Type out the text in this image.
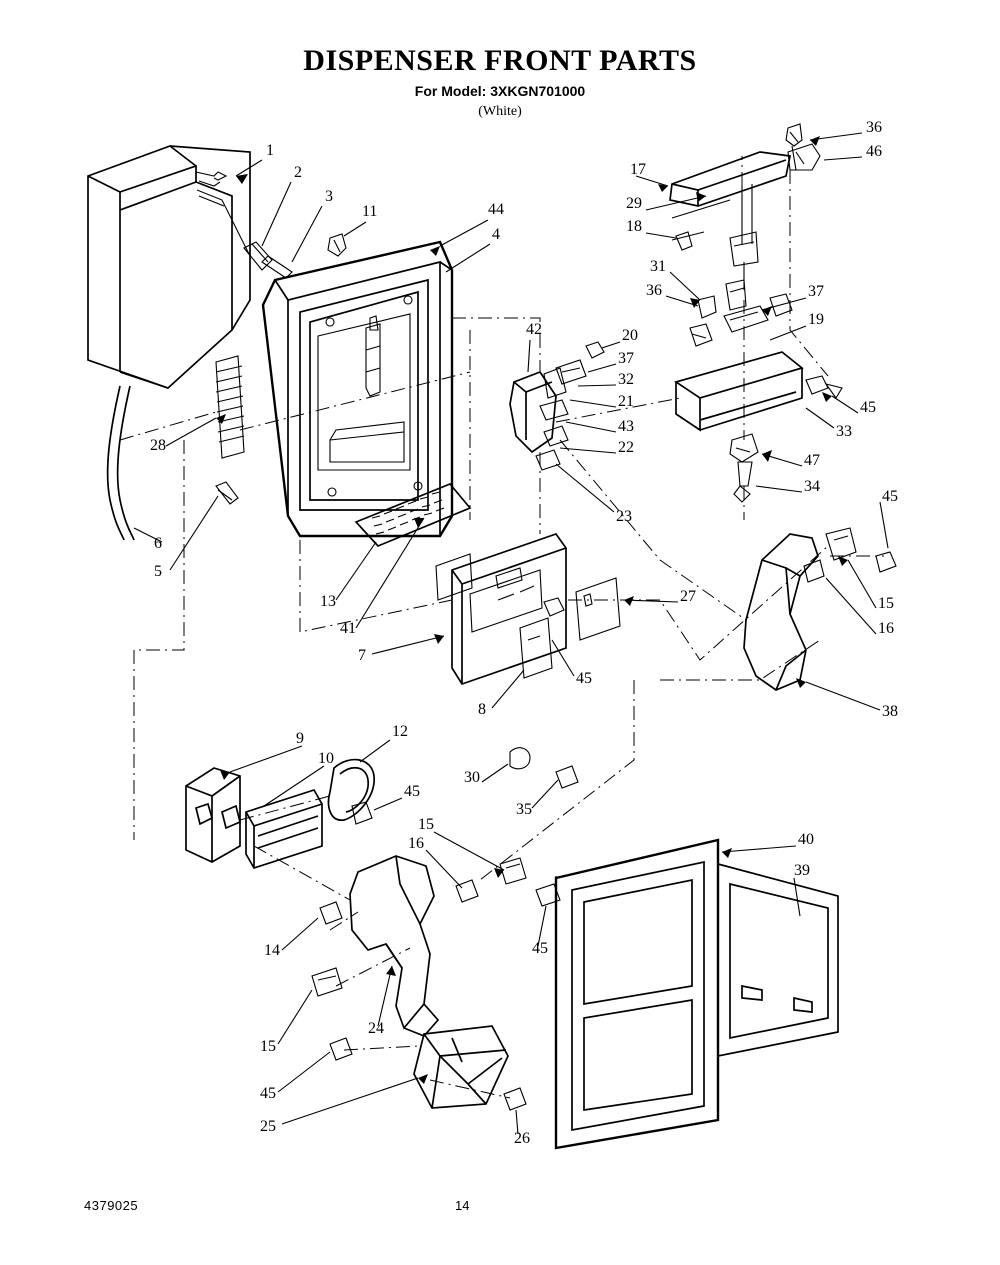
DISPENSER FRONT PARTS
For Model: 3XKGN701000
(White)
1
2
3
11	44
4
17
29
18
36
46
31
36	37
19
20
37
32
21
43
22
42
23
45
33
47
34
45
15
16
38
28
6
5
13
41
7
27
45
8
9
10
12
45
30
35
15
16
45
14
15
24
45
25
26
40
39
4379025	14
